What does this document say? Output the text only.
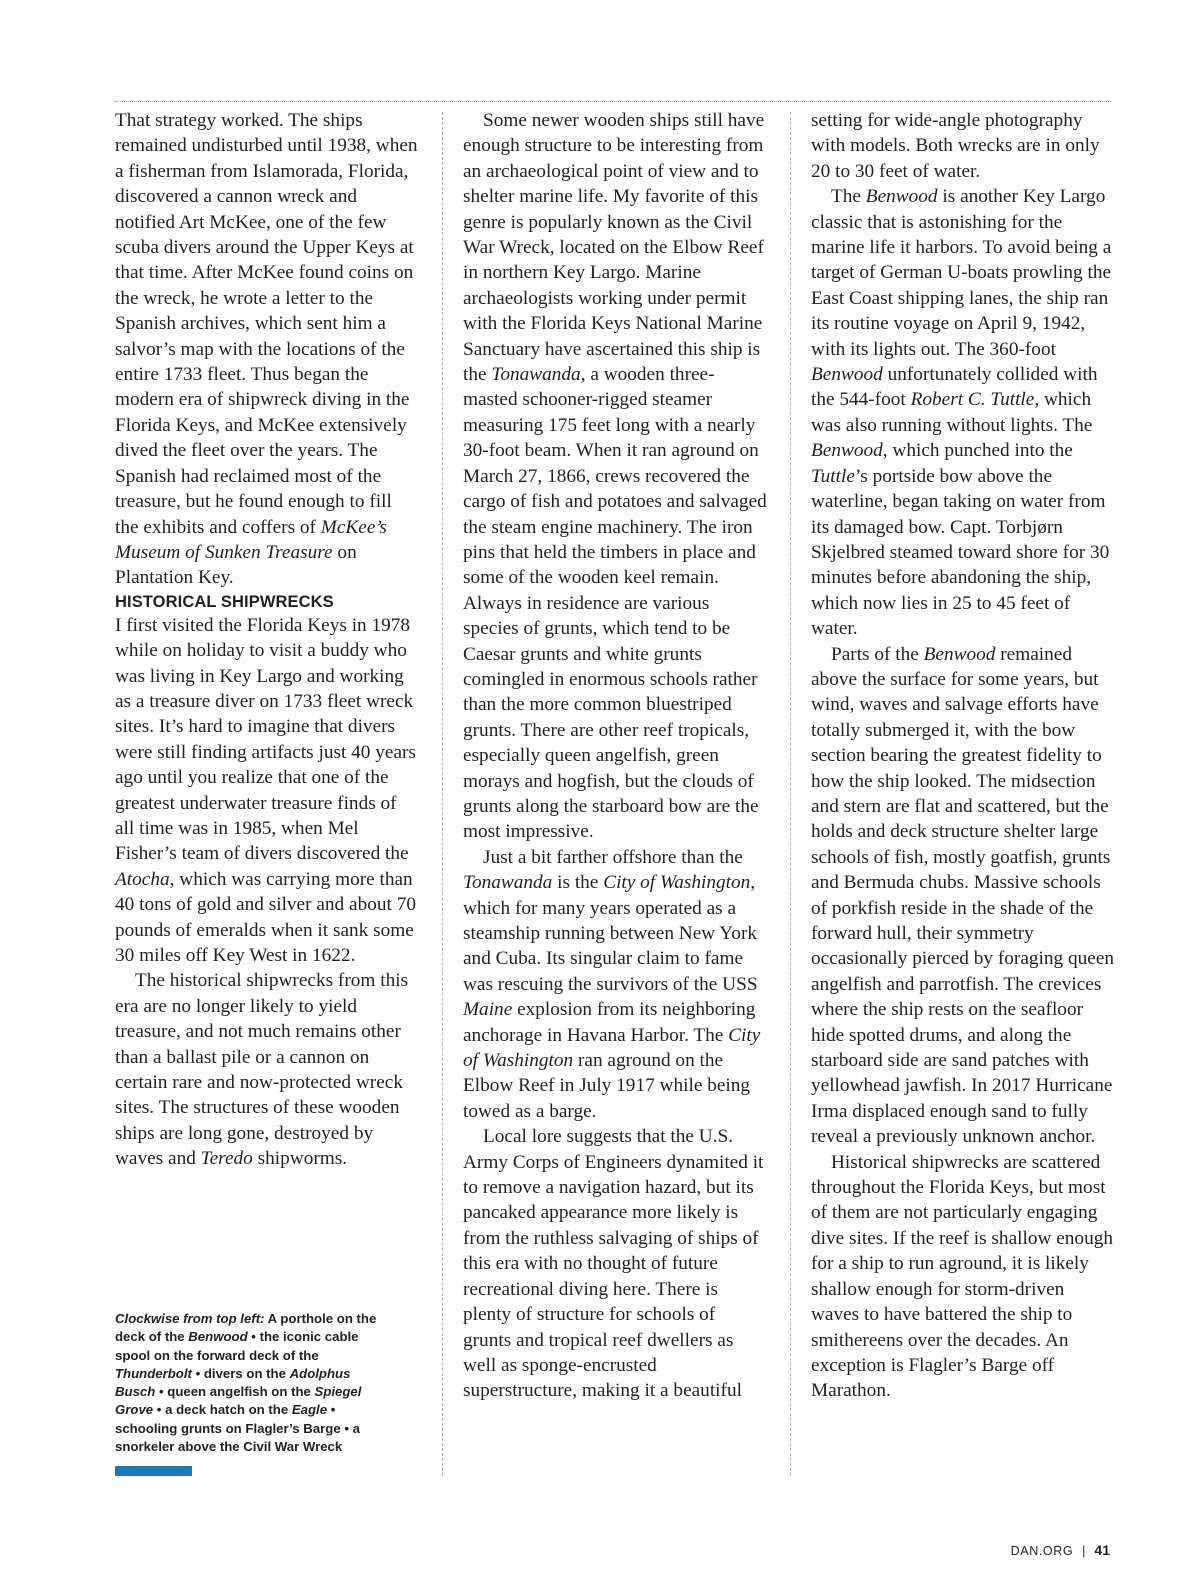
That strategy worked. The ships remained undisturbed until 1938, when a fisherman from Islamorada, Florida, discovered a cannon wreck and notified Art McKee, one of the few scuba divers around the Upper Keys at that time. After McKee found coins on the wreck, he wrote a letter to the Spanish archives, which sent him a salvor’s map with the locations of the entire 1733 fleet. Thus began the modern era of shipwreck diving in the Florida Keys, and McKee extensively dived the fleet over the years. The Spanish had reclaimed most of the treasure, but he found enough to fill the exhibits and coffers of McKee’s Museum of Sunken Treasure on Plantation Key.

HISTORICAL SHIPWRECKS

I first visited the Florida Keys in 1978 while on holiday to visit a buddy who was living in Key Largo and working as a treasure diver on 1733 fleet wreck sites. It’s hard to imagine that divers were still finding artifacts just 40 years ago until you realize that one of the greatest underwater treasure finds of all time was in 1985, when Mel Fisher’s team of divers discovered the Atocha, which was carrying more than 40 tons of gold and silver and about 70 pounds of emeralds when it sank some 30 miles off Key West in 1622.

The historical shipwrecks from this era are no longer likely to yield treasure, and not much remains other than a ballast pile or a cannon on certain rare and now-protected wreck sites. The structures of these wooden ships are long gone, destroyed by waves and Teredo shipworms.

Clockwise from top left: A porthole on the deck of the Benwood • the iconic cable spool on the forward deck of the Thunderbolt • divers on the Adolphus Busch • queen angelfish on the Spiegel Grove • a deck hatch on the Eagle • schooling grunts on Flagler’s Barge • a snorkeler above the Civil War Wreck

Some newer wooden ships still have enough structure to be interesting from an archaeological point of view and to shelter marine life. My favorite of this genre is popularly known as the Civil War Wreck, located on the Elbow Reef in northern Key Largo. Marine archaeologists working under permit with the Florida Keys National Marine Sanctuary have ascertained this ship is the Tonawanda, a wooden three-masted schooner-rigged steamer measuring 175 feet long with a nearly 30-foot beam. When it ran aground on March 27, 1866, crews recovered the cargo of fish and potatoes and salvaged the steam engine machinery. The iron pins that held the timbers in place and some of the wooden keel remain. Always in residence are various species of grunts, which tend to be Caesar grunts and white grunts comingled in enormous schools rather than the more common bluestriped grunts. There are other reef tropicals, especially queen angelfish, green morays and hogfish, but the clouds of grunts along the starboard bow are the most impressive.

Just a bit farther offshore than the Tonawanda is the City of Washington, which for many years operated as a steamship running between New York and Cuba. Its singular claim to fame was rescuing the survivors of the USS Maine explosion from its neighboring anchorage in Havana Harbor. The City of Washington ran aground on the Elbow Reef in July 1917 while being towed as a barge.

Local lore suggests that the U.S. Army Corps of Engineers dynamited it to remove a navigation hazard, but its pancaked appearance more likely is from the ruthless salvaging of ships of this era with no thought of future recreational diving here. There is plenty of structure for schools of grunts and tropical reef dwellers as well as sponge-encrusted superstructure, making it a beautiful

setting for wide-angle photography with models. Both wrecks are in only 20 to 30 feet of water.

The Benwood is another Key Largo classic that is astonishing for the marine life it harbors. To avoid being a target of German U-boats prowling the East Coast shipping lanes, the ship ran its routine voyage on April 9, 1942, with its lights out. The 360-foot Benwood unfortunately collided with the 544-foot Robert C. Tuttle, which was also running without lights. The Benwood, which punched into the Tuttle’s portside bow above the waterline, began taking on water from its damaged bow. Capt. Torbjørn Skjelbred steamed toward shore for 30 minutes before abandoning the ship, which now lies in 25 to 45 feet of water.

Parts of the Benwood remained above the surface for some years, but wind, waves and salvage efforts have totally submerged it, with the bow section bearing the greatest fidelity to how the ship looked. The midsection and stern are flat and scattered, but the holds and deck structure shelter large schools of fish, mostly goatfish, grunts and Bermuda chubs. Massive schools of porkfish reside in the shade of the forward hull, their symmetry occasionally pierced by foraging queen angelfish and parrotfish. The crevices where the ship rests on the seafloor hide spotted drums, and along the starboard side are sand patches with yellowhead jawfish. In 2017 Hurricane Irma displaced enough sand to fully reveal a previously unknown anchor.

Historical shipwrecks are scattered throughout the Florida Keys, but most of them are not particularly engaging dive sites. If the reef is shallow enough for a ship to run aground, it is likely shallow enough for storm-driven waves to have battered the ship to smithereens over the decades. An exception is Flagler’s Barge off Marathon.

DAN.ORG | 41
